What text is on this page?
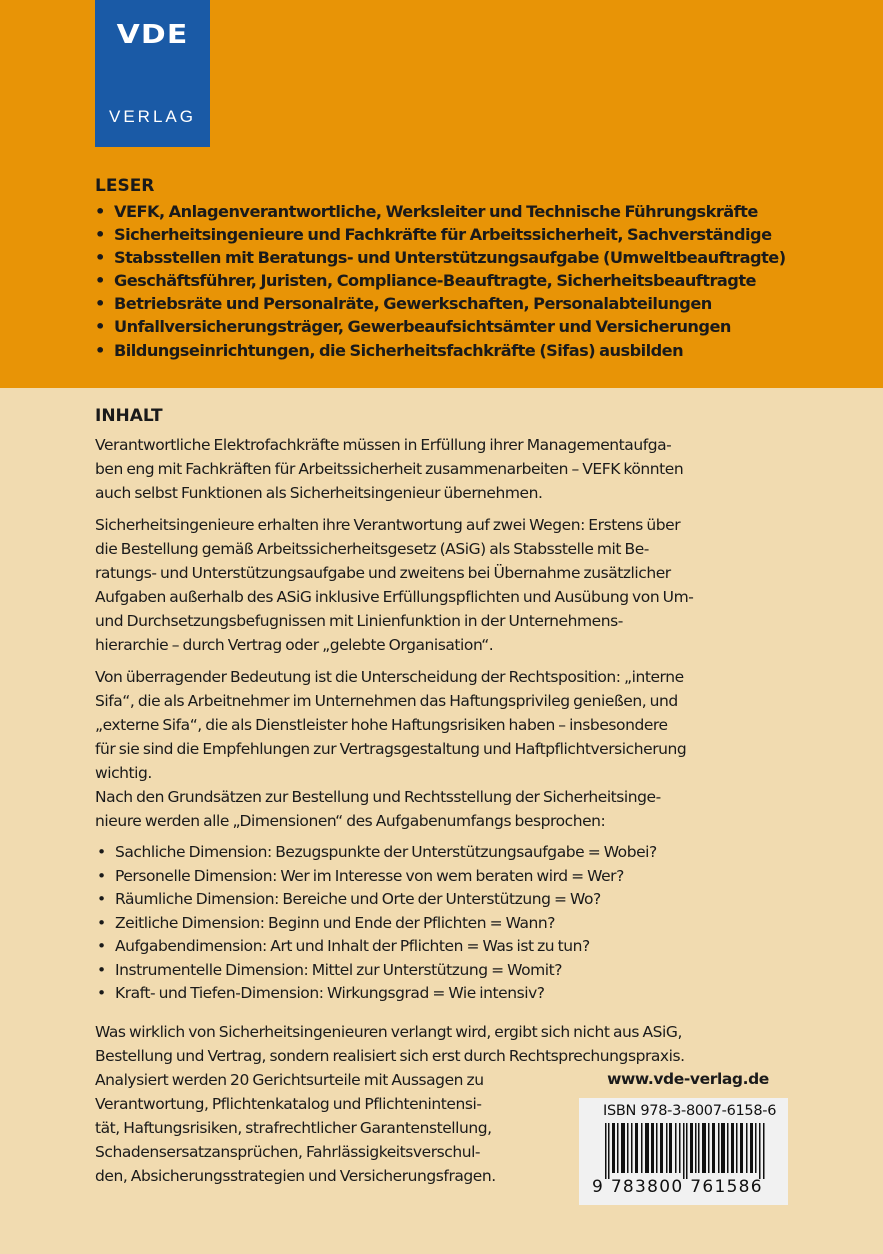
VDE
VERLAG
LESER
• VEFK, Anlagenverantwortliche, Werksleiter und Technische Führungskräfte
• Sicherheitsingenieure und Fachkräfte für Arbeitssicherheit, Sachverständige
• Stabsstellen mit Beratungs- und Unterstützungsaufgabe (Umweltbeauftragte)
• Geschäftsführer, Juristen, Compliance-Beauftragte, Sicherheitsbeauftragte
• Betriebsräte und Personalräte, Gewerkschaften, Personalabteilungen
• Unfallversicherungsträger, Gewerbeaufsichtsämter und Versicherungen
• Bildungseinrichtungen, die Sicherheitsfachkräfte (Sifas) ausbilden
INHALT

Verantwortliche Elektrofachkräfte müssen in Erfüllung ihrer Managementaufga-
ben eng mit Fachkräften für Arbeitssicherheit zusammenarbeiten – VEFK könnten
auch selbst Funktionen als Sicherheitsingenieur übernehmen.

Sicherheitsingenieure erhalten ihre Verantwortung auf zwei Wegen: Erstens über
die Bestellung gemäß Arbeitssicherheitsgesetz (ASiG) als Stabsstelle mit Be-
ratungs- und Unterstützungsaufgabe und zweitens bei Übernahme zusätzlicher
Aufgaben außerhalb des ASiG inklusive Erfüllungspflichten und Ausübung von Um-
und Durchsetzungsbefugnissen mit Linienfunktion in der Unternehmens-
hierarchie – durch Vertrag oder „gelebte Organisation“.

Von überragender Bedeutung ist die Unterscheidung der Rechtsposition: „interne
Sifa“, die als Arbeitnehmer im Unternehmen das Haftungsprivileg genießen, und
„externe Sifa“, die als Dienstleister hohe Haftungsrisiken haben – insbesondere
für sie sind die Empfehlungen zur Vertragsgestaltung und Haftpflichtversicherung
wichtig.

Nach den Grundsätzen zur Bestellung und Rechtsstellung der Sicherheitsinge-
nieure werden alle „Dimensionen“ des Aufgabenumfangs besprochen:

• Sachliche Dimension: Bezugspunkte der Unterstützungsaufgabe = Wobei?
• Personelle Dimension: Wer im Interesse von wem beraten wird = Wer?
• Räumliche Dimension: Bereiche und Orte der Unterstützung = Wo?
• Zeitliche Dimension: Beginn und Ende der Pflichten = Wann?
• Aufgabendimension: Art und Inhalt der Pflichten = Was ist zu tun?
• Instrumentelle Dimension: Mittel zur Unterstützung = Womit?
• Kraft- und Tiefen-Dimension: Wirkungsgrad = Wie intensiv?

Was wirklich von Sicherheitsingenieuren verlangt wird, ergibt sich nicht aus ASiG,
Bestellung und Vertrag, sondern realisiert sich erst durch Rechtsprechungspraxis.
Analysiert werden 20 Gerichtsurteile mit Aussagen zu
Verantwortung, Pflichtenkatalog und Pflichtenintensi-
tät, Haftungsrisiken, strafrechtlicher Garantenstellung,
Schadensersatzansprüchen, Fahrlässigkeitsverschul-
den, Absicherungsstrategien und Versicherungsfragen.

www.vde-verlag.de
ISBN 978-3-8007-6158-6
9 783800 761586
